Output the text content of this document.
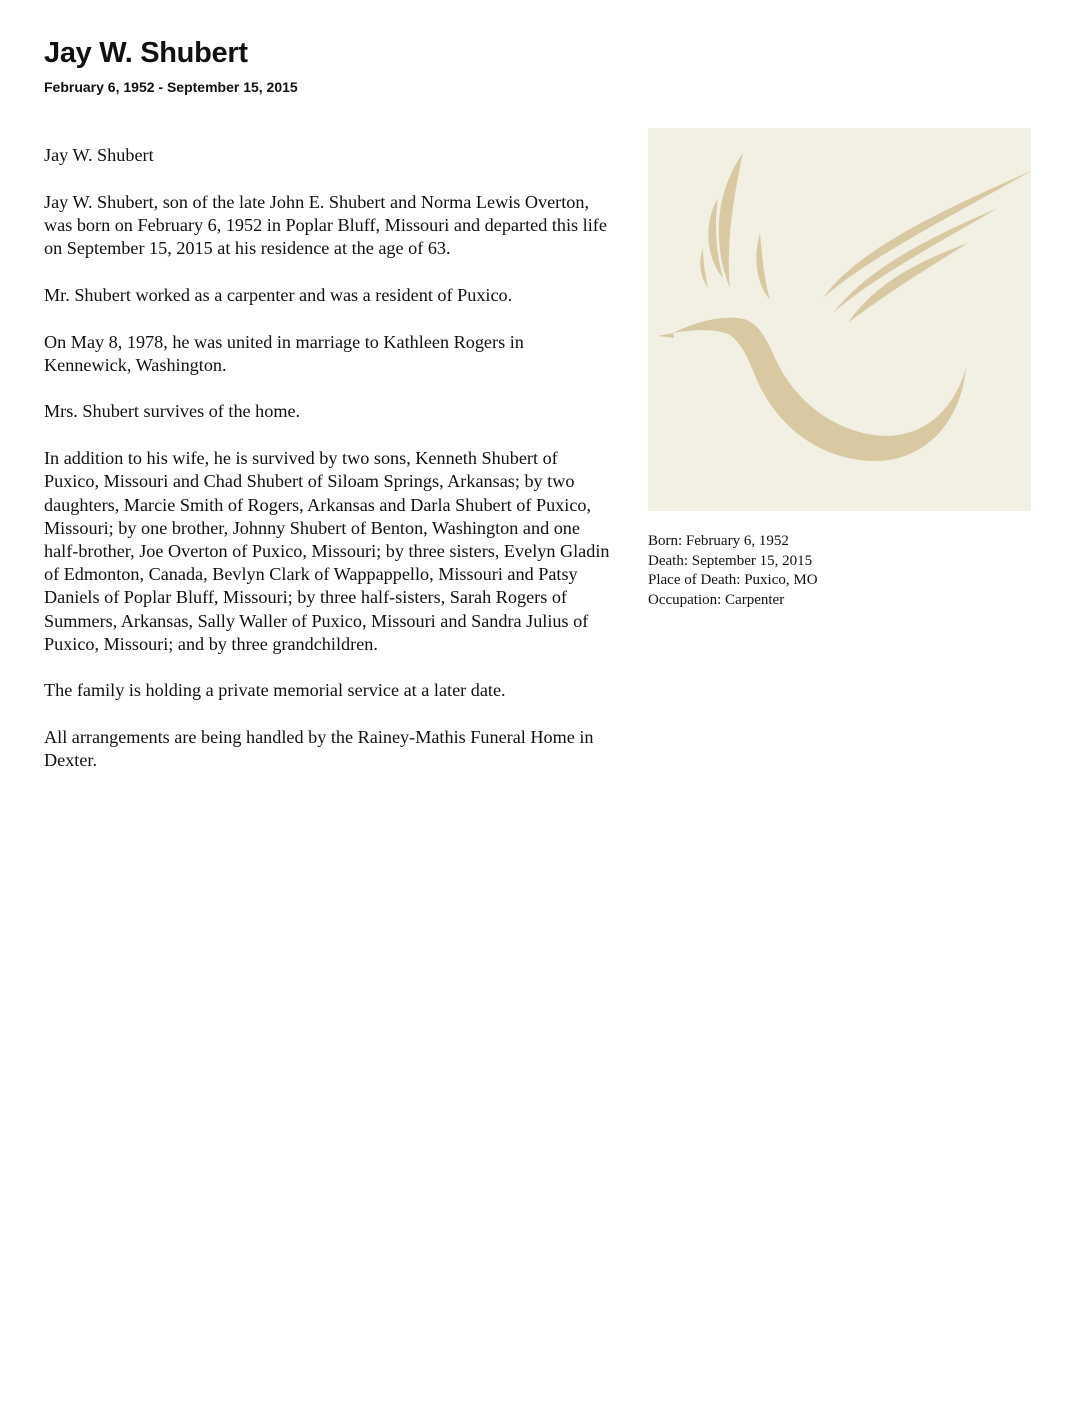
Jay W. Shubert
February 6, 1952 - September 15, 2015

Jay W. Shubert

Jay W. Shubert, son of the late John E. Shubert and Norma Lewis Overton, was born on February 6, 1952 in Poplar Bluff, Missouri and departed this life on September 15, 2015 at his residence at the age of 63.

Mr. Shubert worked as a carpenter and was a resident of Puxico.

On May 8, 1978, he was united in marriage to Kathleen Rogers in Kennewick, Washington.

Mrs. Shubert survives of the home.

In addition to his wife, he is survived by two sons, Kenneth Shubert of Puxico, Missouri and Chad Shubert of Siloam Springs, Arkansas; by two daughters, Marcie Smith of Rogers, Arkansas and Darla Shubert of Puxico, Missouri; by one brother, Johnny Shubert of Benton, Washington and one half-brother, Joe Overton of Puxico, Missouri; by three sisters, Evelyn Gladin of Edmonton, Canada, Bevlyn Clark of Wappappello, Missouri and Patsy Daniels of Poplar Bluff, Missouri; by three half-sisters, Sarah Rogers of Summers, Arkansas, Sally Waller of Puxico, Missouri and Sandra Julius of Puxico, Missouri; and by three grandchildren.

The family is holding a private memorial service at a later date.

All arrangements are being handled by the Rainey-Mathis Funeral Home in Dexter.

Born: February 6, 1952
Death: September 15, 2015
Place of Death: Puxico, MO
Occupation: Carpenter
